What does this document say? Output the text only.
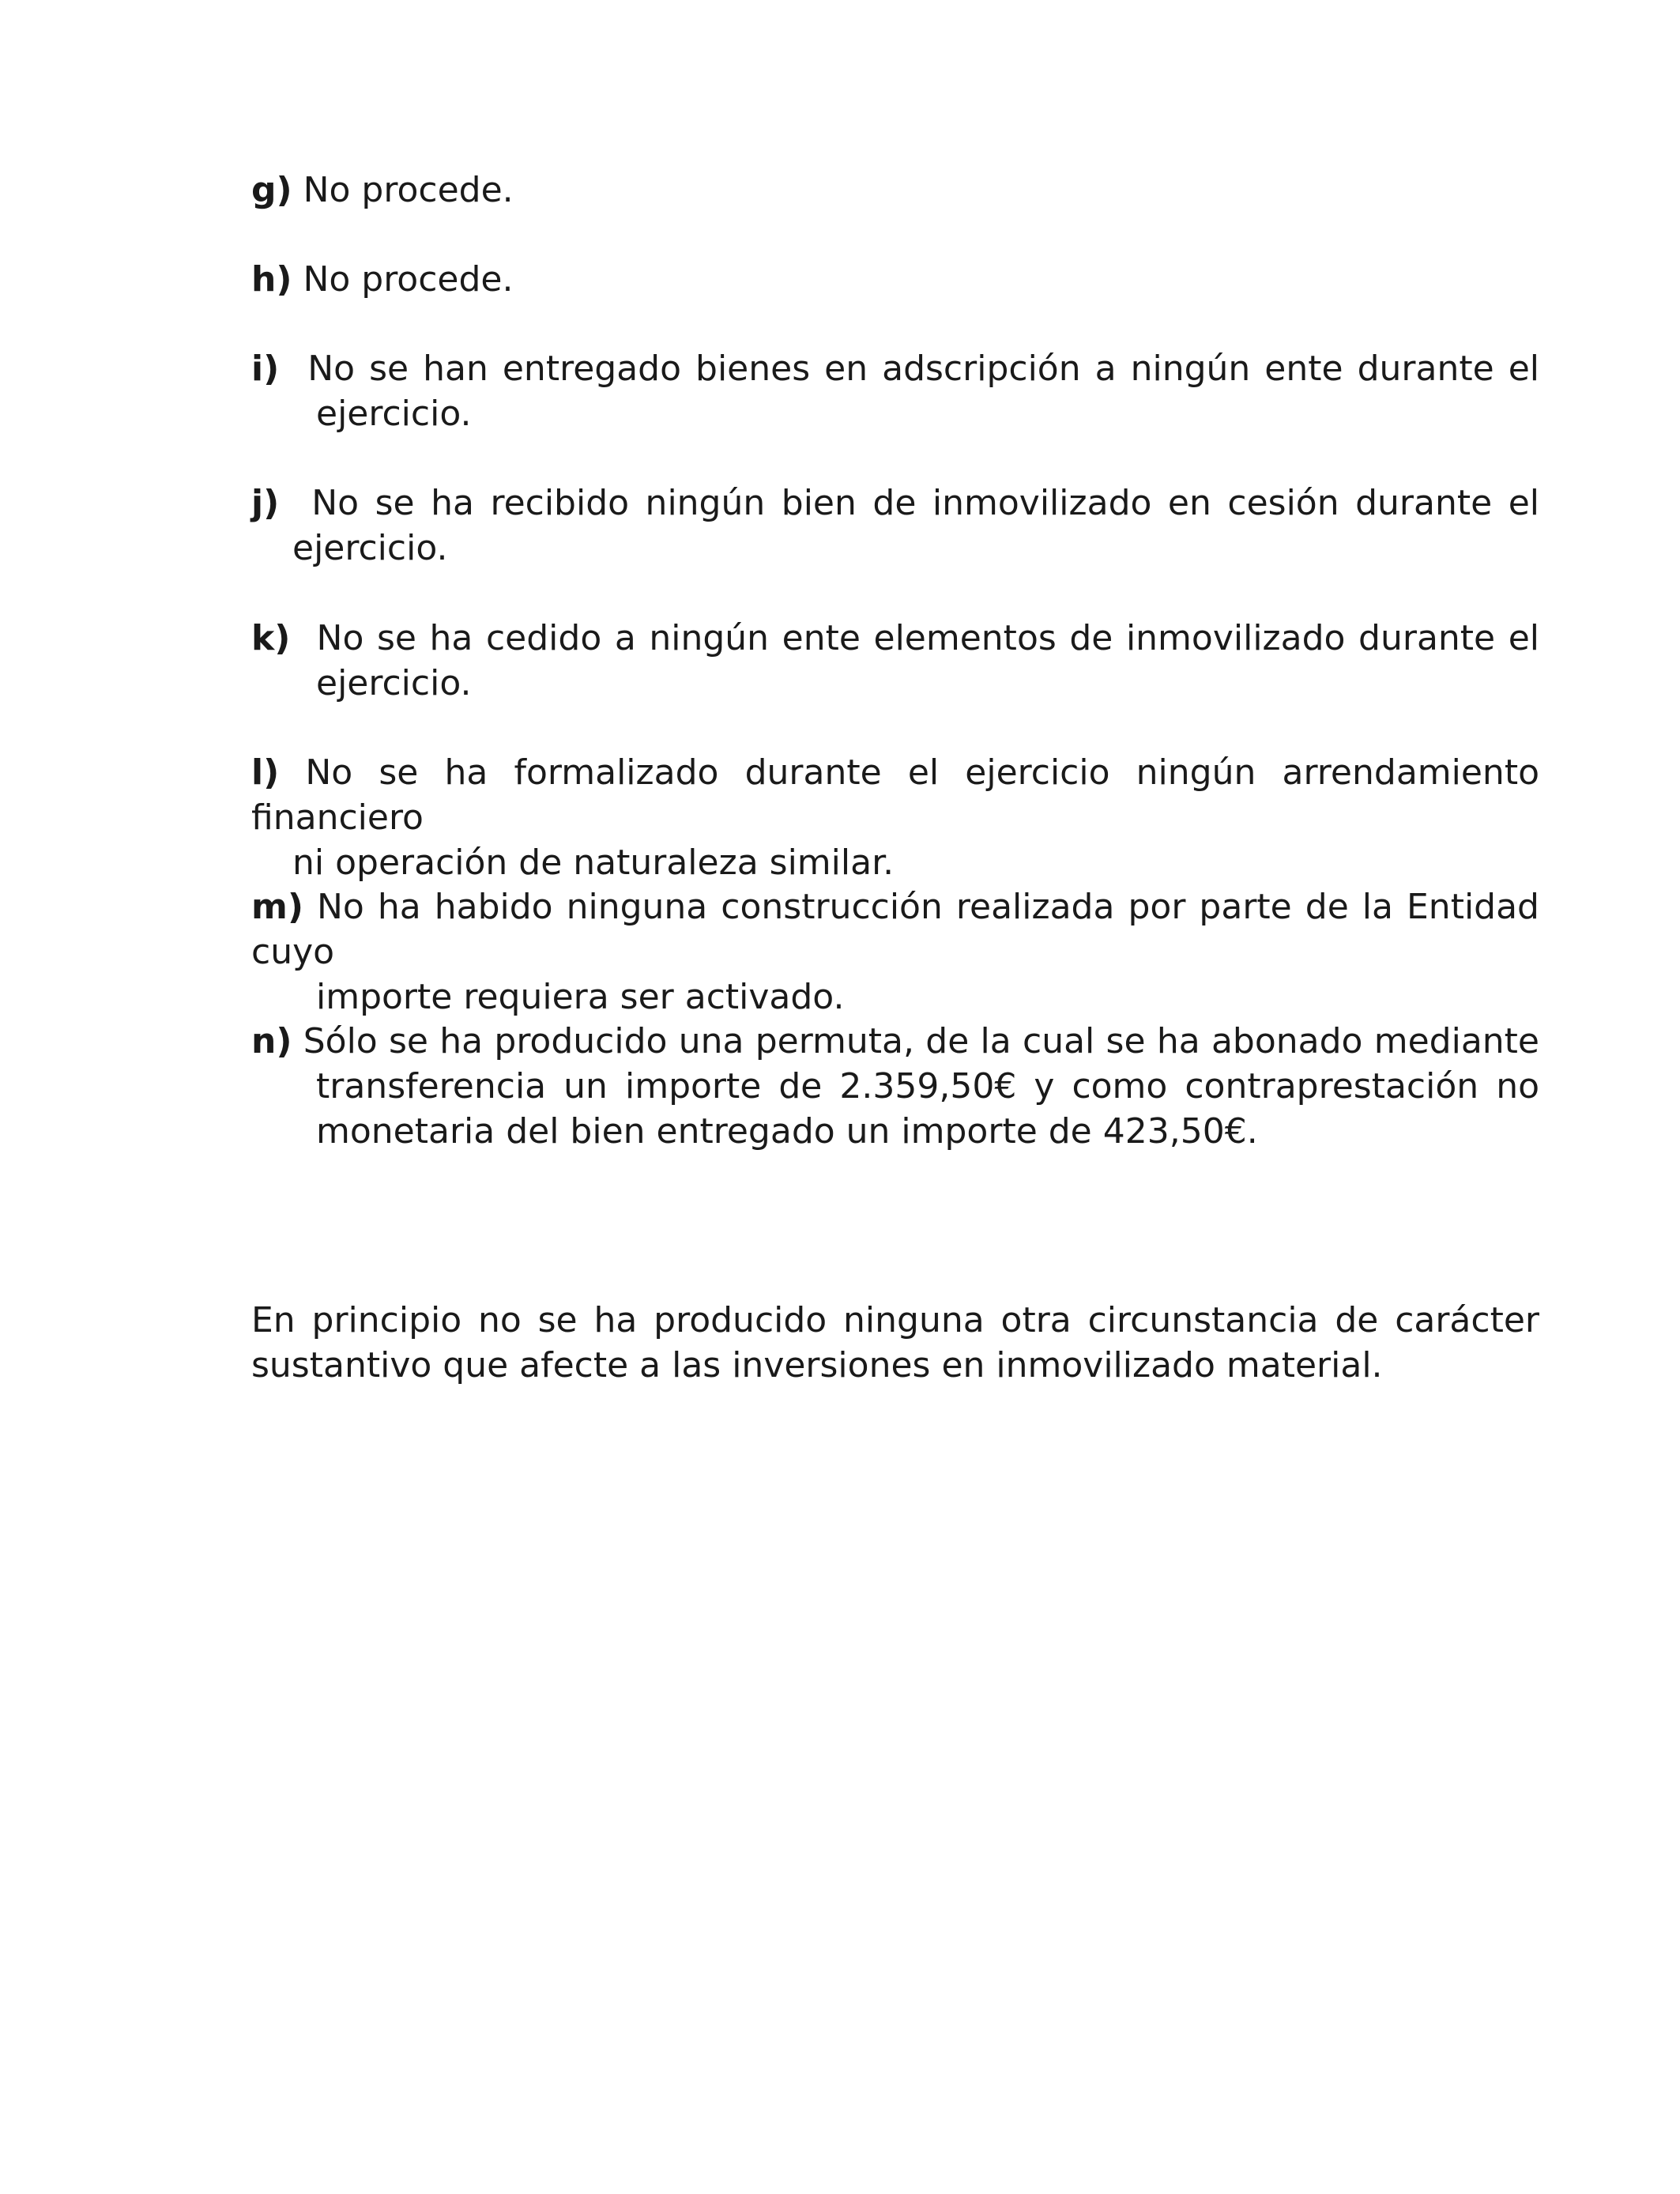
g) No procede.
h) No procede.
i) No se han entregado bienes en adscripción a ningún ente durante el
ejercicio.
j) No se ha recibido ningún bien de inmovilizado en cesión durante el
ejercicio.
k) No se ha cedido a ningún ente elementos de inmovilizado durante el
ejercicio.
l) No se ha formalizado durante el ejercicio ningún arrendamiento financiero
ni operación de naturaleza similar.
m) No ha habido ninguna construcción realizada por parte de la Entidad cuyo
importe requiera ser activado.
n) Sólo se ha producido una permuta, de la cual se ha abonado mediante
transferencia un importe de 2.359,50€ y como contraprestación no
monetaria del bien entregado un importe de 423,50€.
En principio no se ha producido ninguna otra circunstancia de carácter
sustantivo que afecte a las inversiones en inmovilizado material.
